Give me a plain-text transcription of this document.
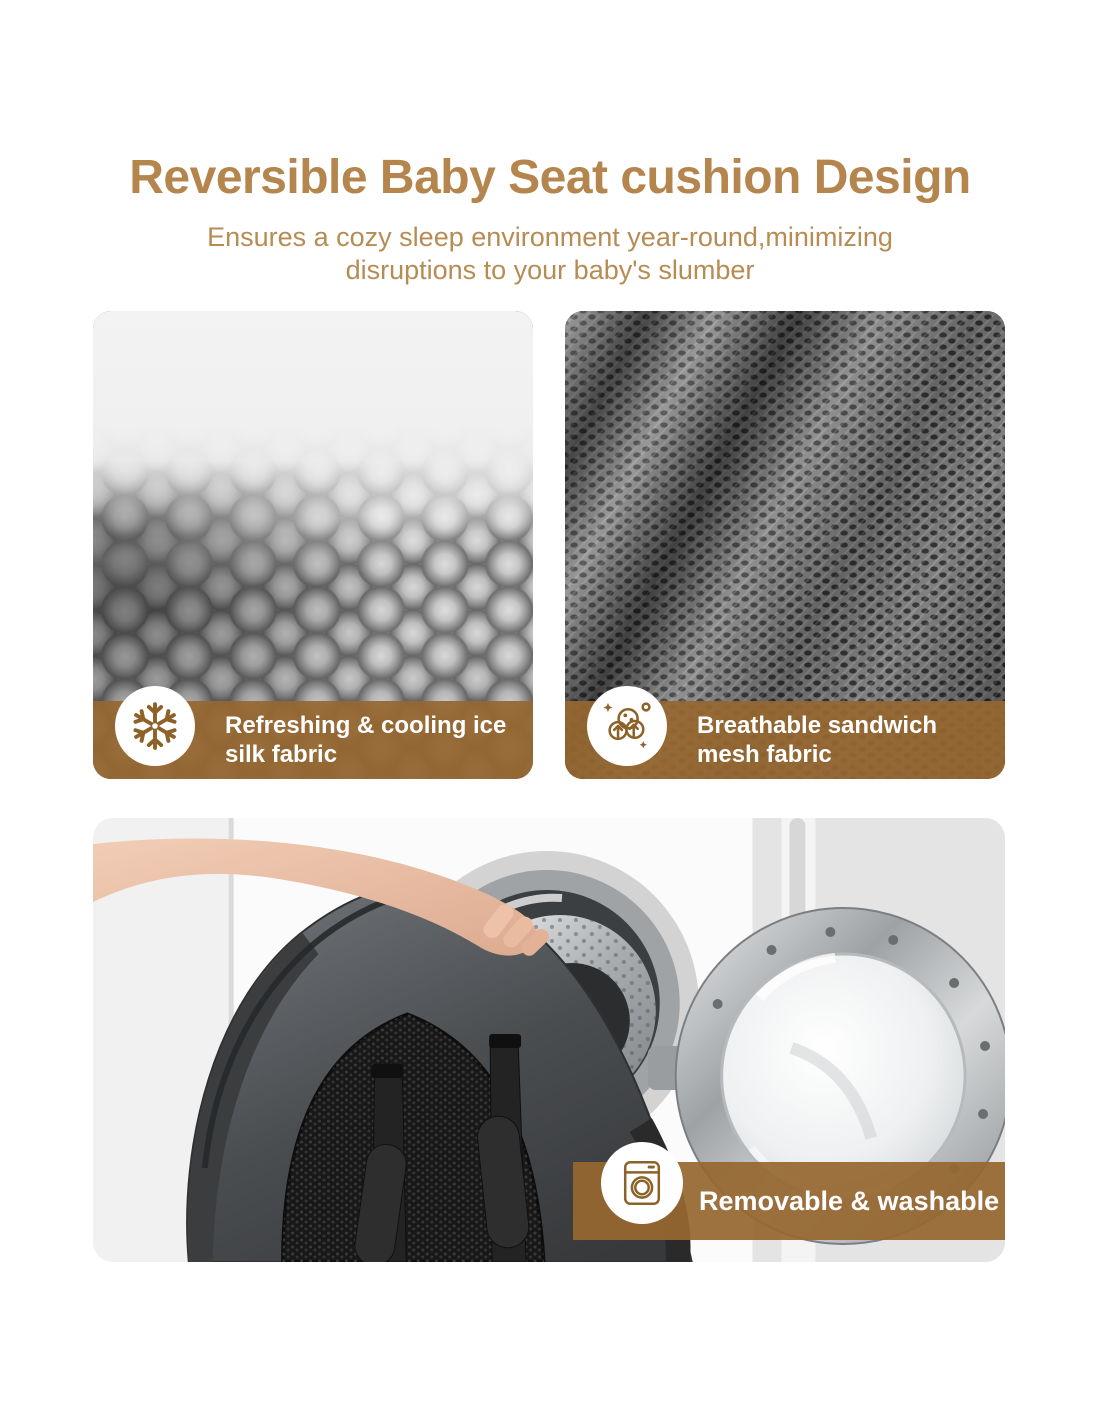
Reversible Baby Seat cushion Design
Ensures a cozy sleep environment year-round,minimizing
disruptions to your baby's slumber
Refreshing & cooling ice
silk fabric
Breathable sandwich
mesh fabric
Removable & washable
